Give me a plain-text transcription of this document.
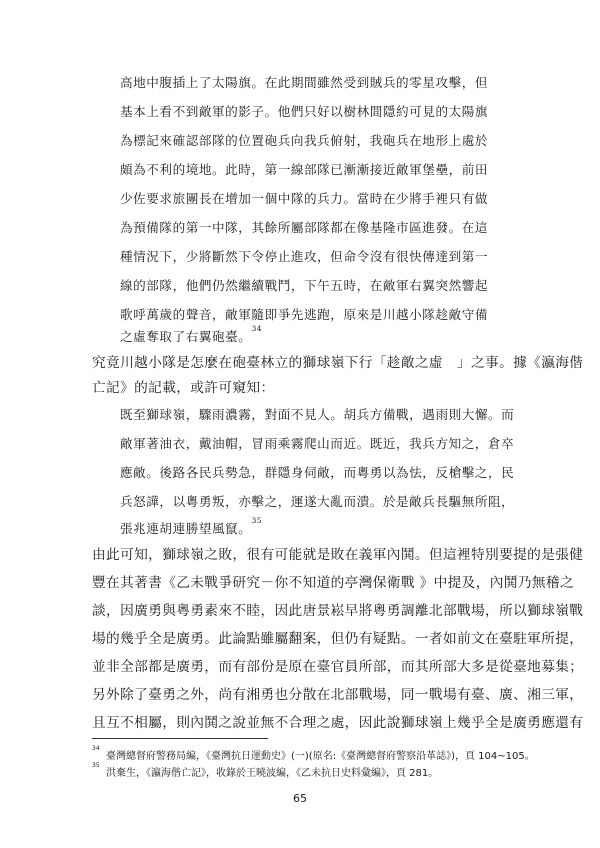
高地中腹插上了太陽旗。在此期間雖然受到賊兵的零星攻擊，但
基本上看不到敵軍的影子。他們只好以樹林間隱約可見的太陽旗
為標記來確認部隊的位置砲兵向我兵俯射，我砲兵在地形上處於
頗為不利的境地。此時，第一線部隊已漸漸接近敵軍堡壘，前田
少佐要求旅團長在增加一個中隊的兵力。當時在少將手裡只有做
為預備隊的第一中隊，其餘所屬部隊都在像基隆市區進發。在這
種情況下，少將斷然下令停止進攻，但命令沒有很快傳達到第一
線的部隊，他們仍然繼續戰鬥，下午五時，在敵軍右翼突然響起
歌呼萬歲的聲音，敵軍隨即爭先逃跑，原來是川越小隊趁敵守備
之虛奪取了右翼砲臺。$^{34}$
究竟川越小隊是怎麼在砲臺林立的獅球嶺下行「趁敵之虛　」之事。據《瀛海偕
亡記》的記載，或許可窺知：
既至獅球嶺，驟雨濃霧，對面不見人。胡兵方備戰，遇雨則大懈。而
敵軍著油衣，戴油帽，冒雨乘霧爬山而近。既近，我兵方知之，倉卒
應敵。後路各民兵勢急，群隱身伺敵，而粵勇以為怯，反槍擊之，民
兵怒譁，以粵勇叛，亦擊之，運遂大亂而潰。於是敵兵長驅無所阻，
張兆連胡連勝望風竄。$^{35}$
由此可知，獅球嶺之敗，很有可能就是敗在義軍內鬨。但這裡特別要提的是張健
豐在其著書《乙未戰爭研究－你不知道的亭灣保衛戰 》中提及，內鬨乃無稽之
談，因廣勇與粵勇素來不睦，因此唐景崧早將粵勇調離北部戰場，所以獅球嶺戰
場的幾乎全是廣勇。此論點雖屬翻案，但仍有疑點。一者如前文在臺駐軍所提，
並非全部都是廣勇，而有部份是原在臺官員所部，而其所部大多是從臺地募集；
另外除了臺勇之外，尚有湘勇也分散在北部戰場，同一戰場有臺、廣、湘三軍，
且互不相屬，則內鬨之說並無不合理之處，因此說獅球嶺上幾乎全是廣勇應還有
$^{34}$  臺灣總督府警務局編，《臺灣抗日運動史》(一)(原名:《臺灣總督府警察沿革誌》)，頁 104~105。
$^{35}$  洪棄生，《瀛海偕亡記》，收錄於王曉波編，《乙未抗日史料彙編》，頁 281。
65
